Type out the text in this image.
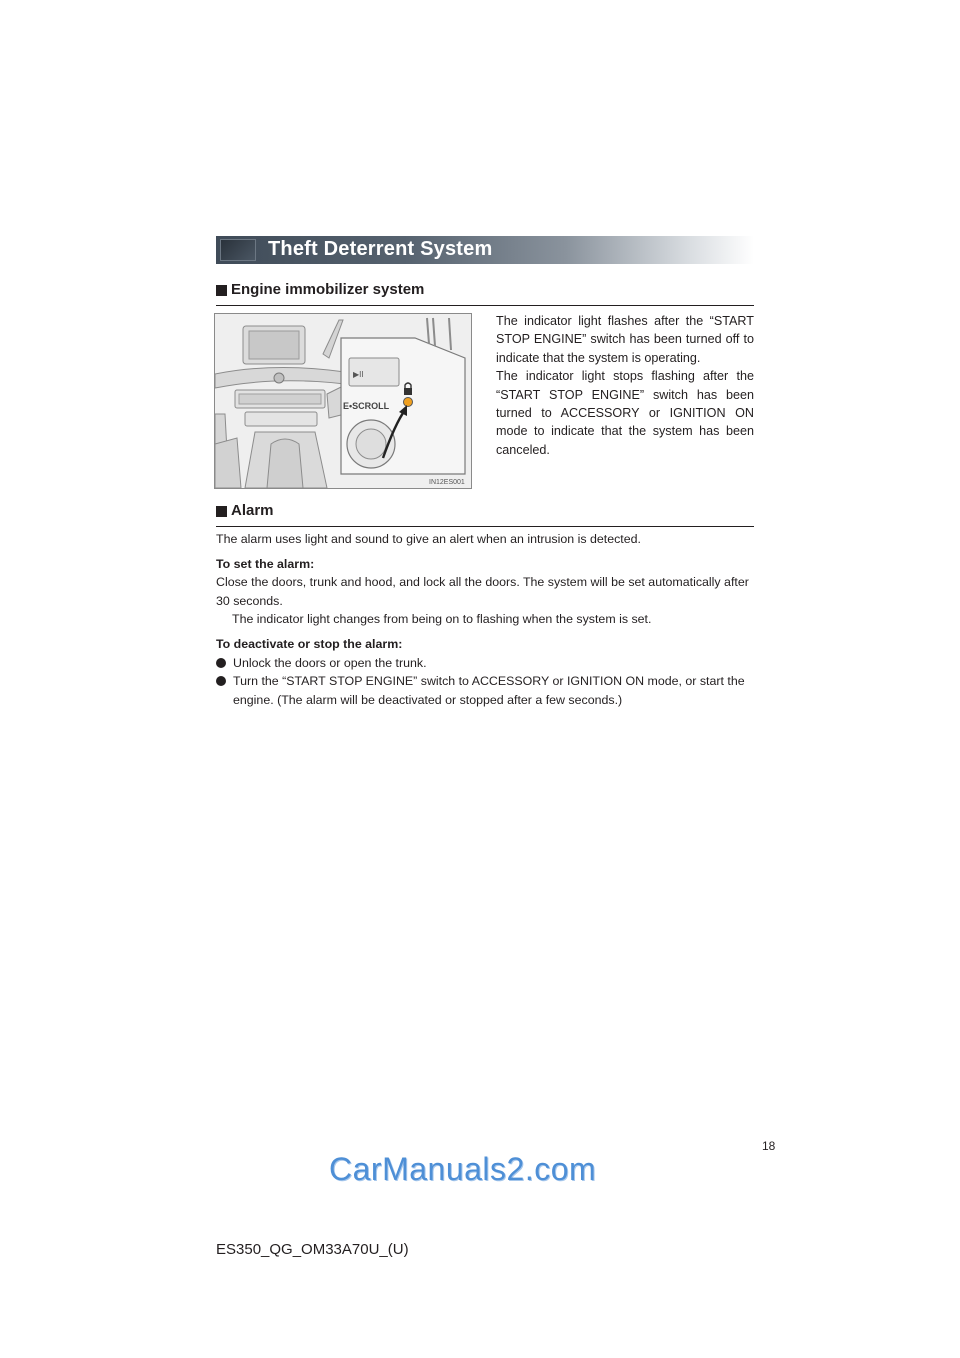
Theft Deterrent System
Engine immobilizer system
▶II
E•SCROLL
IN12ES001

The indicator light flashes after the “START STOP ENGINE” switch has been turned off to indicate that the system is operating.

The indicator light stops flashing after the “START STOP ENGINE” switch has been turned to ACCESSORY or IGNITION ON mode to indicate that the system has been canceled.

Alarm

The alarm uses light and sound to give an alert when an intrusion is detected.

To set the alarm:

Close the doors, trunk and hood, and lock all the doors. The system will be set automatically after 30 seconds.

The indicator light changes from being on to flashing when the system is set.

To deactivate or stop the alarm:

Unlock the doors or open the trunk.
Turn the “START STOP ENGINE” switch to ACCESSORY or IGNITION ON mode, or start the engine. (The alarm will be deactivated or stopped after a few seconds.)
18
CarManuals2.com
ES350_QG_OM33A70U_(U)
